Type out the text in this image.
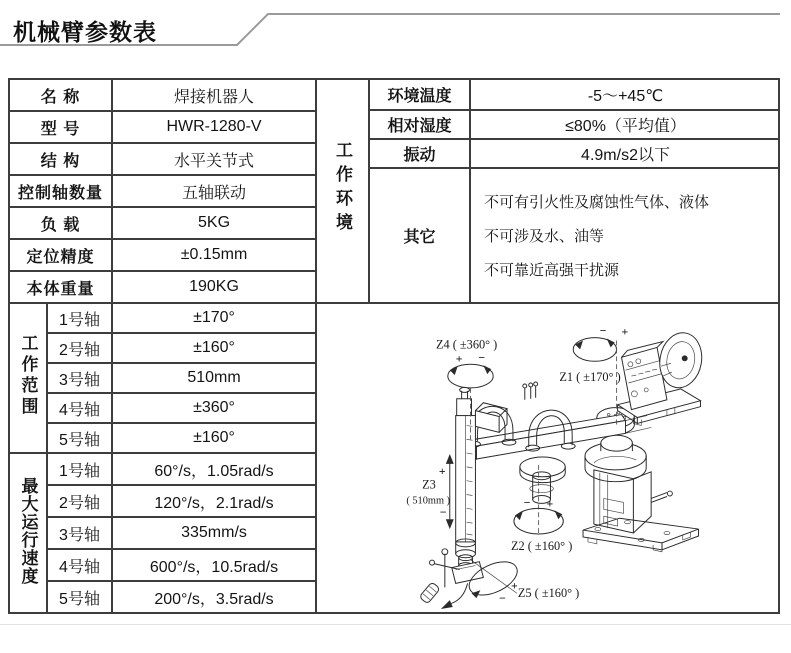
机械臂参数表
名 称	焊接机器人	工作环境	
环境温度	-5～+45℃
相对湿度	≤80%（平均值）
振动	4.9m/s2以下
其它	
不可有引火性及腐蚀性气体、液体
不可涉及水、油等
不可靠近高强干扰源

型 号	HWR-1280-V
结 构	水平关节式
控制轴数量	五轴联动
负 载	5KG
定位精度	±0.15mm
本体重量	190KG
工作范围	1号轴	±170°	
− +
Z1 ( ±170° )
+ −
Z4 ( ±360° )
+
−
Z3
( 510mm )	+
−
Z2 ( ±160° )
+
− Z5 ( ±160° )

2号轴	±160°
3号轴	510mm
4号轴	±360°
5号轴	±160°
最大运行速度	1号轴	60°/s，1.05rad/s
2号轴	120°/s，2.1rad/s
3号轴	335mm/s
4号轴	600°/s，10.5rad/s
5号轴	200°/s，3.5rad/s
